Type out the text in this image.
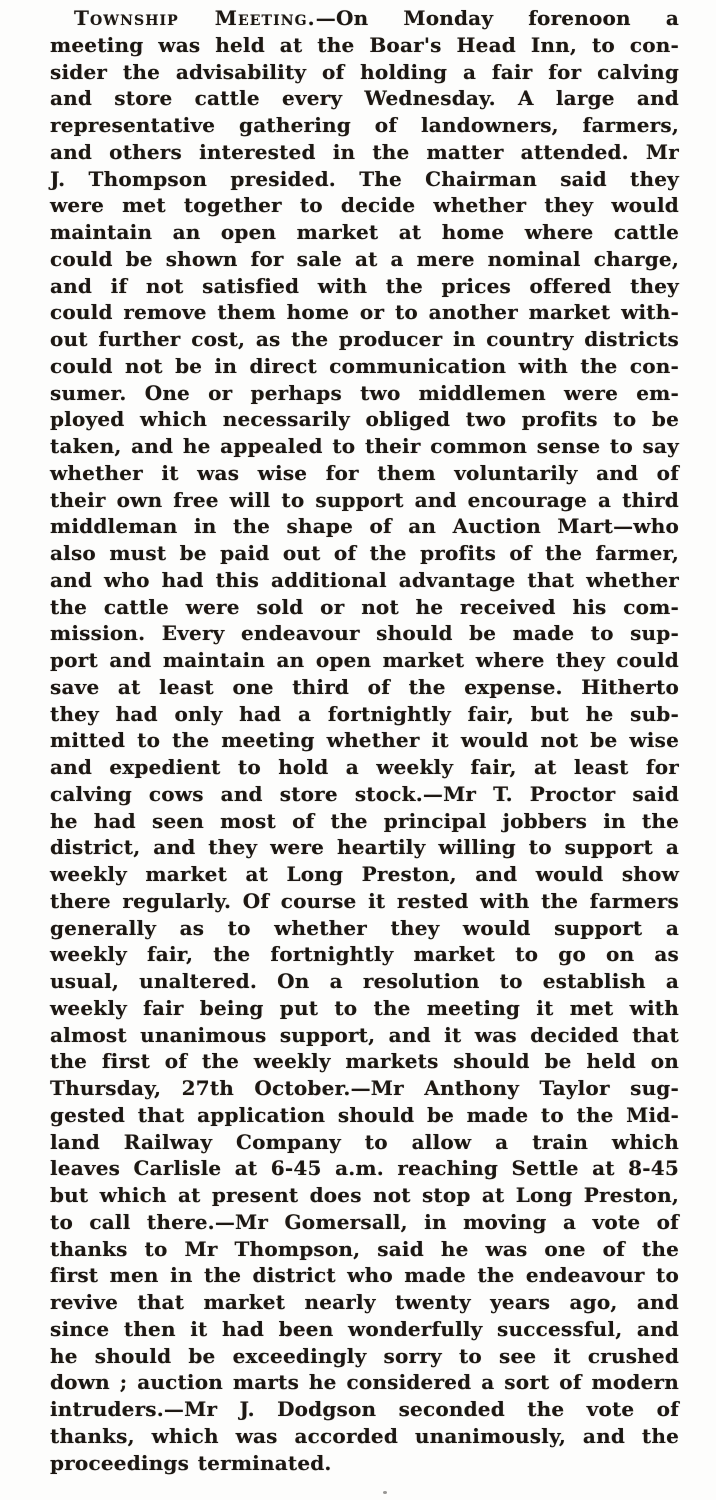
Township Meeting.—On Monday forenoon a
meeting was held at the Boar's Head Inn, to con-
sider the advisability of holding a fair for calving
and store cattle every Wednesday. A large and
representative gathering of landowners, farmers,
and others interested in the matter attended. Mr
J. Thompson presided. The Chairman said they
were met together to decide whether they would
maintain an open market at home where cattle
could be shown for sale at a mere nominal charge,
and if not satisfied with the prices offered they
could remove them home or to another market with-
out further cost, as the producer in country districts
could not be in direct communication with the con-
sumer. One or perhaps two middlemen were em-
ployed which necessarily obliged two profits to be
taken, and he appealed to their common sense to say
whether it was wise for them voluntarily and of
their own free will to support and encourage a third
middleman in the shape of an Auction Mart—who
also must be paid out of the profits of the farmer,
and who had this additional advantage that whether
the cattle were sold or not he received his com-
mission. Every endeavour should be made to sup-
port and maintain an open market where they could
save at least one third of the expense. Hitherto
they had only had a fortnightly fair, but he sub-
mitted to the meeting whether it would not be wise
and expedient to hold a weekly fair, at least for
calving cows and store stock.—Mr T. Proctor said
he had seen most of the principal jobbers in the
district, and they were heartily willing to support a
weekly market at Long Preston, and would show
there regularly. Of course it rested with the farmers
generally as to whether they would support a
weekly fair, the fortnightly market to go on as
usual, unaltered. On a resolution to establish a
weekly fair being put to the meeting it met with
almost unanimous support, and it was decided that
the first of the weekly markets should be held on
Thursday, 27th October.—Mr Anthony Taylor sug-
gested that application should be made to the Mid-
land Railway Company to allow a train which
leaves Carlisle at 6-45 a.m. reaching Settle at 8-45
but which at present does not stop at Long Preston,
to call there.—Mr Gomersall, in moving a vote of
thanks to Mr Thompson, said he was one of the
first men in the district who made the endeavour to
revive that market nearly twenty years ago, and
since then it had been wonderfully successful, and
he should be exceedingly sorry to see it crushed
down ; auction marts he considered a sort of modern
intruders.—Mr J. Dodgson seconded the vote of
thanks, which was accorded unanimously, and the
proceedings terminated.
